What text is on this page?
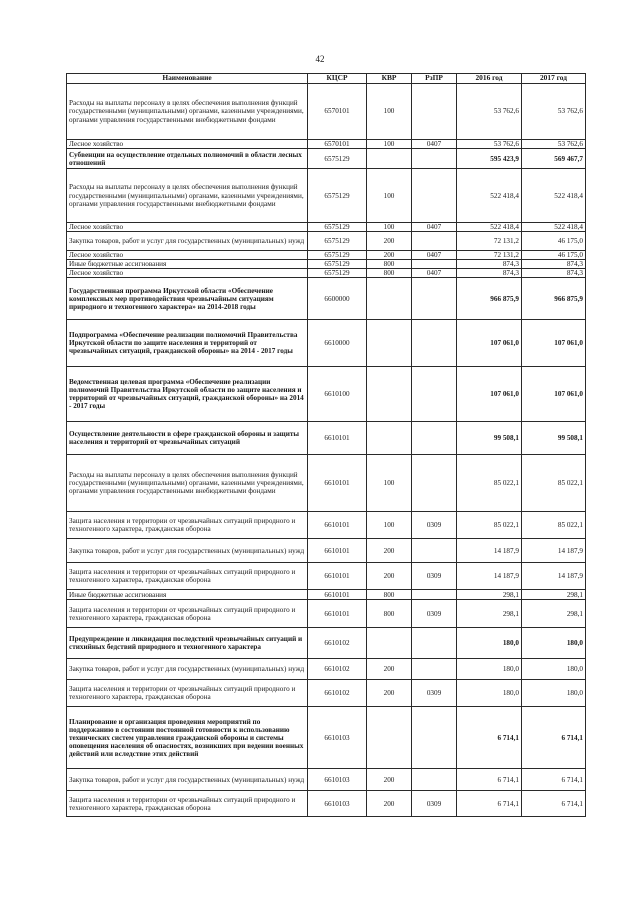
42
Наименование	КЦСР	КВР	РзПР	2016 год	2017 год
Расходы на выплаты персоналу в целях обеспечения выполнения функций государственными (муниципальными) органами, казенными учреждениями, органами управления государственными внебюджетными фондами	6570101	100		53 762,6	53 762,6
Лесное хозяйство	6570101	100	0407	53 762,6	53 762,6
Субвенции на осуществление отдельных полномочий в области лесных отношений	6575129			595 423,9	569 467,7
Расходы на выплаты персоналу в целях обеспечения выполнения функций государственными (муниципальными) органами, казенными учреждениями, органами управления государственными внебюджетными фондами	6575129	100		522 418,4	522 418,4
Лесное хозяйство	6575129	100	0407	522 418,4	522 418,4
Закупка товаров, работ и услуг для государственных (муниципальных) нужд	6575129	200		72 131,2	46 175,0
Лесное хозяйство	6575129	200	0407	72 131,2	46 175,0
Иные бюджетные ассигнования	6575129	800		874,3	874,3
Лесное хозяйство	6575129	800	0407	874,3	874,3
Государственная программа Иркутской области «Обеспечение комплексных мер противодействия чрезвычайным ситуациям природного и техногенного характера» на 2014-2018 годы	6600000			966 875,9	966 875,9
Подпрограмма «Обеспечение реализации полномочий Правительства Иркутской области по защите населения и территорий от чрезвычайных ситуаций, гражданской обороны» на 2014 - 2017 годы	6610000			107 061,0	107 061,0
Ведомственная целевая программа «Обеспечение реализации полномочий Правительства Иркутской области по защите населения и территорий от чрезвычайных ситуаций, гражданской обороны» на 2014 - 2017 годы	6610100			107 061,0	107 061,0
Осуществление деятельности в сфере гражданской обороны и защиты населения и территорий от чрезвычайных ситуаций	6610101			99 508,1	99 508,1
Расходы на выплаты персоналу в целях обеспечения выполнения функций государственными (муниципальными) органами, казенными учреждениями, органами управления государственными внебюджетными фондами	6610101	100		85 022,1	85 022,1
Защита населения и территории от чрезвычайных ситуаций природного и техногенного характера, гражданская оборона	6610101	100	0309	85 022,1	85 022,1
Закупка товаров, работ и услуг для государственных (муниципальных) нужд	6610101	200		14 187,9	14 187,9
Защита населения и территории от чрезвычайных ситуаций природного и техногенного характера, гражданская оборона	6610101	200	0309	14 187,9	14 187,9
Иные бюджетные ассигнования	6610101	800		298,1	298,1
Защита населения и территории от чрезвычайных ситуаций природного и техногенного характера, гражданская оборона	6610101	800	0309	298,1	298,1
Предупреждение и ликвидация последствий чрезвычайных ситуаций и стихийных бедствий природного и техногенного характера	6610102			180,0	180,0
Закупка товаров, работ и услуг для государственных (муниципальных) нужд	6610102	200		180,0	180,0
Защита населения и территории от чрезвычайных ситуаций природного и техногенного характера, гражданская оборона	6610102	200	0309	180,0	180,0
Планирование и организация проведения мероприятий по поддержанию в состоянии постоянной готовности к использованию технических систем управления гражданской обороны и системы оповещения населения об опасностях, возникших при ведении военных действий или вследствие этих действий	6610103			6 714,1	6 714,1
Закупка товаров, работ и услуг для государственных (муниципальных) нужд	6610103	200		6 714,1	6 714,1
Защита населения и территории от чрезвычайных ситуаций природного и техногенного характера, гражданская оборона	6610103	200	0309	6 714,1	6 714,1
